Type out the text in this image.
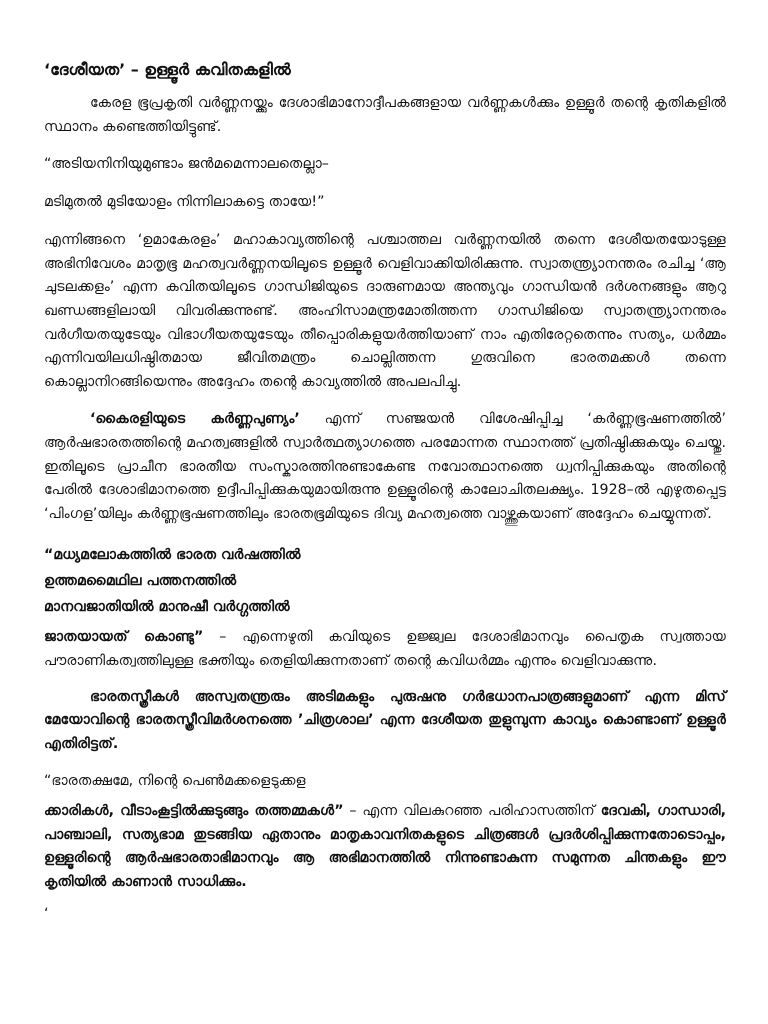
‘ദേശീയത’ – ഉള്ളൂർ കവിതകളിൽ

കേരള ഭൂപ്രകൃതി വർണ്ണനയ്ക്കും ദേശാഭിമാനോദ്ദീപകങ്ങളായ വർണ്ണകൾക്കും ഉള്ളൂർ തന്റെ കൃതികളിൽ സ്ഥാനം കണ്ടെത്തിയിട്ടുണ്ട്.

“അടിയനിനിയുമുണ്ടാം ജൻമമെന്നാലതെല്ലാ–
മടിമുതൽ മുടിയോളം നിന്നിലാകട്ടെ തായേ!”

എന്നിങ്ങനെ ‘ഉമാകേരളം’ മഹാകാവ്യത്തിന്റെ പശ്ചാത്തല വർണ്ണനയിൽ തന്നെ ദേശീയതയോടുള്ള അഭിനിവേശം മാതൃഭൂ മഹത്വവർണ്ണനയിലൂടെ ഉള്ളൂർ വെളിവാക്കിയിരിക്കുന്നു. സ്വാതന്ത്ര്യാനന്തരം രചിച്ച ‘ആ ചുടലക്കളം’ എന്ന കവിതയിലൂടെ ഗാന്ധിജിയുടെ ദാരുണമായ അന്ത്യവും ഗാന്ധിയൻ ദർശനങ്ങളും ആറു ഖണ്ഡങ്ങളിലായി വിവരിക്കുന്നുണ്ട്. അംഹിസാമന്ത്രമോതിത്തന്ന ഗാന്ധിജിയെ സ്വാതന്ത്ര്യാനന്തരം വർഗീയതയുടേയും വിഭാഗീയതയുടേയും തീപ്പൊരികളുയർത്തിയാണ് നാം എതിരേറ്റതെന്നും സത്യം, ധർമ്മം എന്നിവയിലധിഷ്ഠിതമായ ജീവിതമന്ത്രം ചൊല്ലിത്തന്ന ഗുരുവിനെ ഭാരതമക്കൾ തന്നെ കൊല്ലാനിറങ്ങിയെന്നും അദ്ദേഹം തന്റെ കാവ്യത്തിൽ അപലപിച്ചു.

‘കൈരളിയുടെ കർണ്ണപുണ്യം’ എന്ന് സഞ്ജയൻ വിശേഷിപ്പിച്ച ‘കർണ്ണഭൂഷണത്തിൽ’ ആർഷഭാരതത്തിന്റെ മഹത്വങ്ങളിൽ സ്വാർത്ഥത്യാഗത്തെ പരമോന്നത സ്ഥാനത്ത് പ്രതിഷ്ഠിക്കുകയും ചെയ്തു. ഇതിലൂടെ പ്രാചീന ഭാരതീയ സംസ്കാരത്തിനുണ്ടാകേണ്ട നവോത്ഥാനത്തെ ധ്വനിപ്പിക്കുകയും അതിന്റെ പേരിൽ ദേശാഭിമാനത്തെ ഉദ്ദീപിപ്പിക്കുകയുമായിരുന്നു ഉള്ളൂരിന്റെ കാലോചിതലക്ഷ്യം. 1928–ൽ എഴുതപ്പെട്ട ‘പിംഗള’യിലും കർണ്ണഭൂഷണത്തിലും ഭാരതഭൂമിയുടെ ദിവ്യ മഹത്വത്തെ വാഴ്ത്തുകയാണ് അദ്ദേഹം ചെയ്യുന്നത്.

“മധ്യമലോകത്തിൽ ഭാരത വർഷത്തിൽ
ഉത്തമമൈഥില പത്തനത്തിൽ
മാനവജാതിയിൽ മാനുഷീ വർഗ്ഗത്തിൽ

ജാതയായത് കൊണ്ടു” – എന്നെഴുതി കവിയുടെ ഉജ്ജ്വല ദേശാഭിമാനവും പൈതൃക സ്വത്തായ പൗരാണികത്വത്തിലുള്ള ഭക്തിയും തെളിയിക്കുന്നതാണ് തന്റെ കവിധർമ്മം എന്നും വെളിവാക്കുന്നു.

ഭാരതസ്ത്രീകൾ അസ്വതന്ത്രരും അടിമകളും പുരുഷനു ഗർഭധാനപാത്രങ്ങളുമാണ് എന്ന മിസ് മേയോവിന്റെ ഭാരതസ്ത്രീവിമർശനത്തെ ’ചിത്രശാല’ എന്ന ദേശീയത തുളുമ്പുന്ന കാവ്യം കൊണ്ടാണ് ഉള്ളൂർ എതിരിട്ടത്.

“ഭാരതക്ഷമേ, നിന്റെ പെൺമക്കളെടുക്കള

ക്കാരികൾ, വീടാംകൂട്ടിൽക്കുടുങ്ങും തത്തമ്മകൾ” – എന്ന വിലകുറഞ്ഞ പരിഹാസത്തിന് ദേവകി, ഗാന്ധാരി, പാഞ്ചാലി, സത്യഭാമ തുടങ്ങിയ ഏതാനും മാതൃകാവനിതകളുടെ ചിത്രങ്ങൾ പ്രദർശിപ്പിക്കുന്നതോടൊപ്പം, ഉള്ളൂരിന്റെ ആർഷഭാരതാഭിമാനവും ആ അഭിമാനത്തിൽ നിന്നുണ്ടാകുന്ന സമുന്നത ചിന്തകളും ഈ കൃതിയിൽ കാണാൻ സാധിക്കും.

‘
